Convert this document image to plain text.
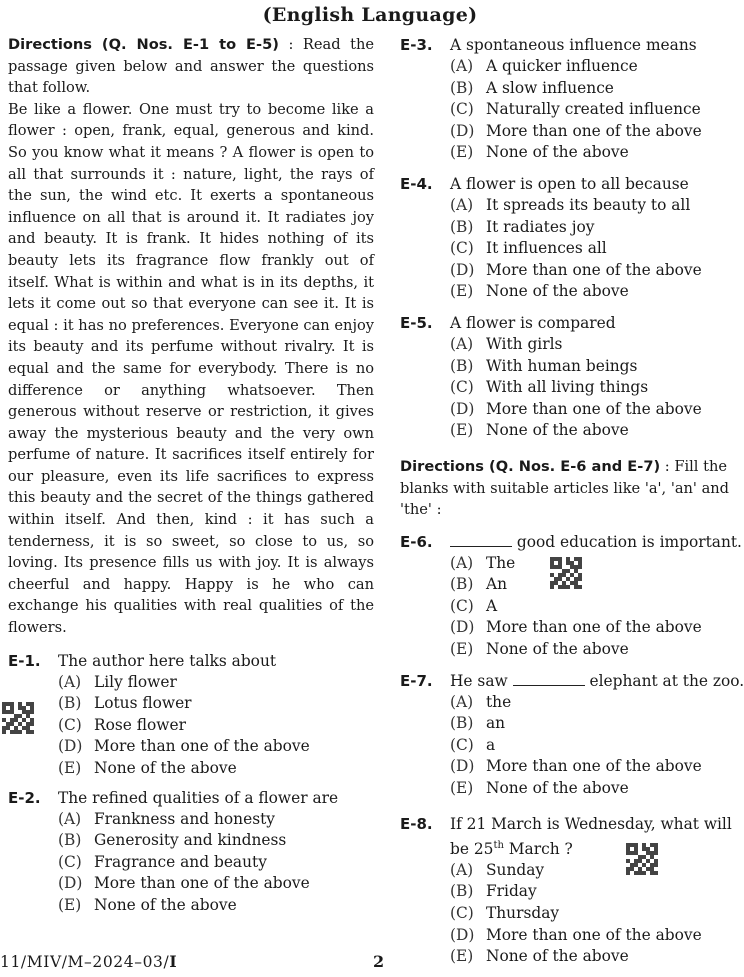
(English Language)

Directions (Q. Nos. E-1 to E-5) : Read the passage given below and answer the questions that follow.

Be like a flower. One must try to become like a flower : open, frank, equal, generous and kind. So you know what it means ? A flower is open to all that surrounds it : nature, light, the rays of the sun, the wind etc. It exerts a spontaneous influence on all that is around it. It radiates joy and beauty. It is frank. It hides nothing of its beauty lets its fragrance flow frankly out of itself. What is within and what is in its depths, it lets it come out so that everyone can see it. It is equal : it has no preferences. Everyone can enjoy its beauty and its perfume without rivalry. It is equal and the same for everybody. There is no difference or anything whatsoever. Then generous without reserve or restriction, it gives away the mysterious beauty and the very own perfume of nature. It sacrifices itself entirely for our pleasure, even its life sacrifices to express this beauty and the secret of the things gathered within itself. And then, kind : it has such a tenderness, it is so sweet, so close to us, so loving. Its presence fills us with joy. It is always cheerful and happy. Happy is he who can exchange his qualities with real qualities of the flowers.

E-1.	The author here talks about
(A) Lily flower
(B) Lotus flower
(C) Rose flower
(D) More than one of the above
(E) None of the above
E-2.	The refined qualities of a flower are
(A) Frankness and honesty
(B) Generosity and kindness
(C) Fragrance and beauty
(D) More than one of the above
(E) None of the above
E-3.	A spontaneous influence means
(A) A quicker influence
(B) A slow influence
(C) Naturally created influence
(D) More than one of the above
(E) None of the above
E-4.	A flower is open to all because
(A) It spreads its beauty to all
(B) It radiates joy
(C) It influences all
(D) More than one of the above
(E) None of the above
E-5.	A flower is compared
(A) With girls
(B) With human beings
(C) With all living things
(D) More than one of the above
(E) None of the above

Directions (Q. Nos. E-6 and E-7) : Fill the blanks with suitable articles like 'a', 'an' and 'the' :

E-6.	good education is important.
(A) The
(B) An
(C) A
(D) More than one of the above
(E) None of the above
E-7.	He saw	elephant at the zoo.
(A) the
(B) an
(C) a
(D) More than one of the above
(E) None of the above
E-8.	If 21 March is Wednesday, what will
be 25th March ?
(A) Sunday
(B) Friday
(C) Thursday
(D) More than one of the above
(E) None of the above
11/MIV/M–2024–03/I	2
